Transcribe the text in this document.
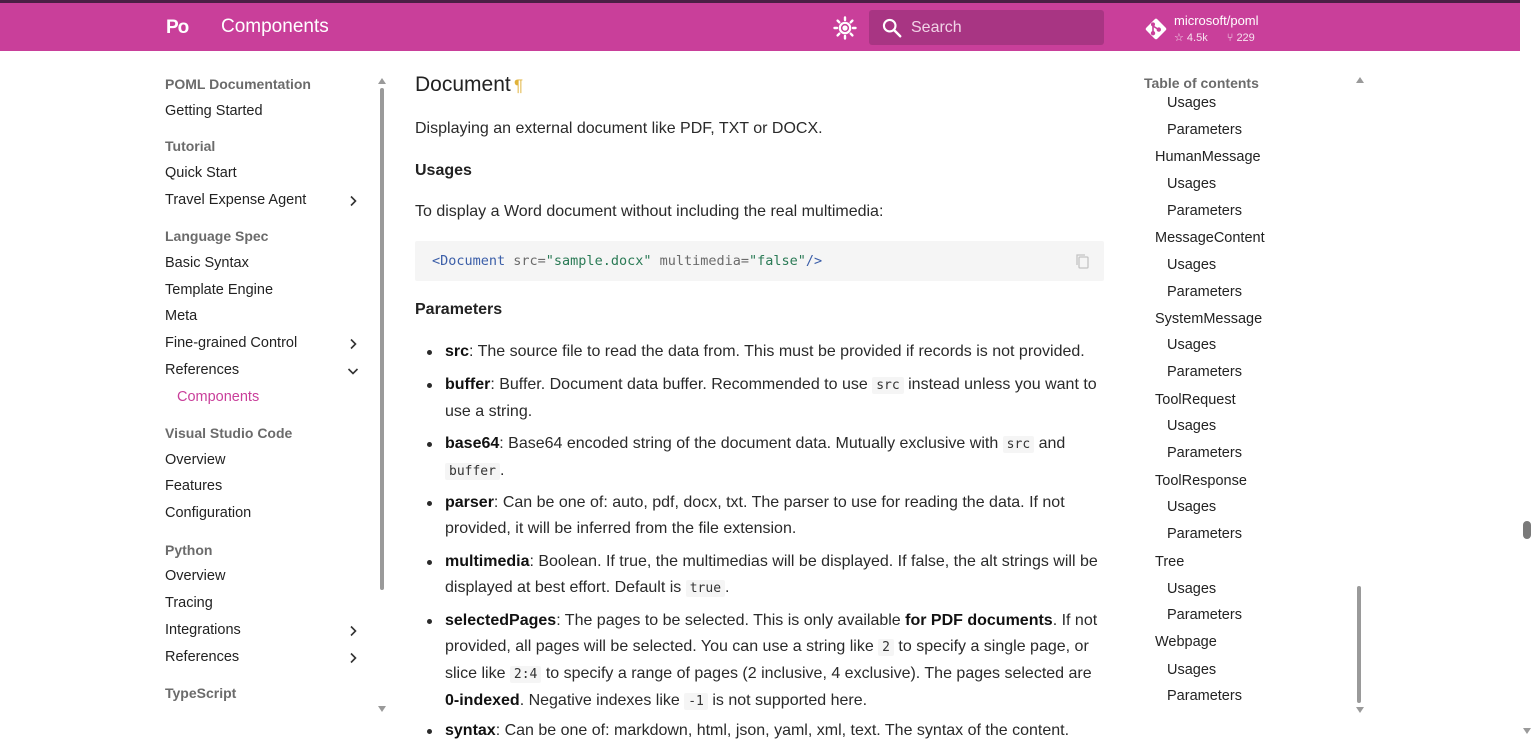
Po Components
Search	microsoft/poml
☆ 4.5k ⑂ 229
POML Documentation
Getting Started
Tutorial
Quick Start
Travel Expense Agent
Language Spec
Basic Syntax
Template Engine
Meta
Fine-grained Control
References
Components
Visual Studio Code
Overview
Features
Configuration
Python
Overview
Tracing
Integrations
References
TypeScript
Document ¶
Displaying an external document like PDF, TXT or DOCX.
Usages
To display a Word document without including the real multimedia:
<Document src="sample.docx" multimedia="false"/>
Parameters
src: The source file to read the data from. This must be provided if records is not provided.
buffer: Buffer. Document data buffer. Recommended to use src instead unless you want to use a string.
base64: Base64 encoded string of the document data. Mutually exclusive with src and buffer .
parser: Can be one of: auto, pdf, docx, txt. The parser to use for reading the data. If not provided, it will be inferred from the file extension.
multimedia: Boolean. If true, the multimedias will be displayed. If false, the alt strings will be displayed at best effort. Default is true .
selectedPages: The pages to be selected. This is only available for PDF documents. If not provided, all pages will be selected. You can use a string like 2 to specify a single page, or slice like 2:4 to specify a range of pages (2 inclusive, 4 exclusive). The pages selected are 0-indexed. Negative indexes like -1 is not supported here.
syntax: Can be one of: markdown, html, json, yaml, xml, text. The syntax of the content.
Table of contents
Usages
Parameters
HumanMessage
Usages
Parameters
MessageContent
Usages
Parameters
SystemMessage
Usages
Parameters
ToolRequest
Usages
Parameters
ToolResponse
Usages
Parameters
Tree
Usages
Parameters
Webpage
Usages
Parameters
